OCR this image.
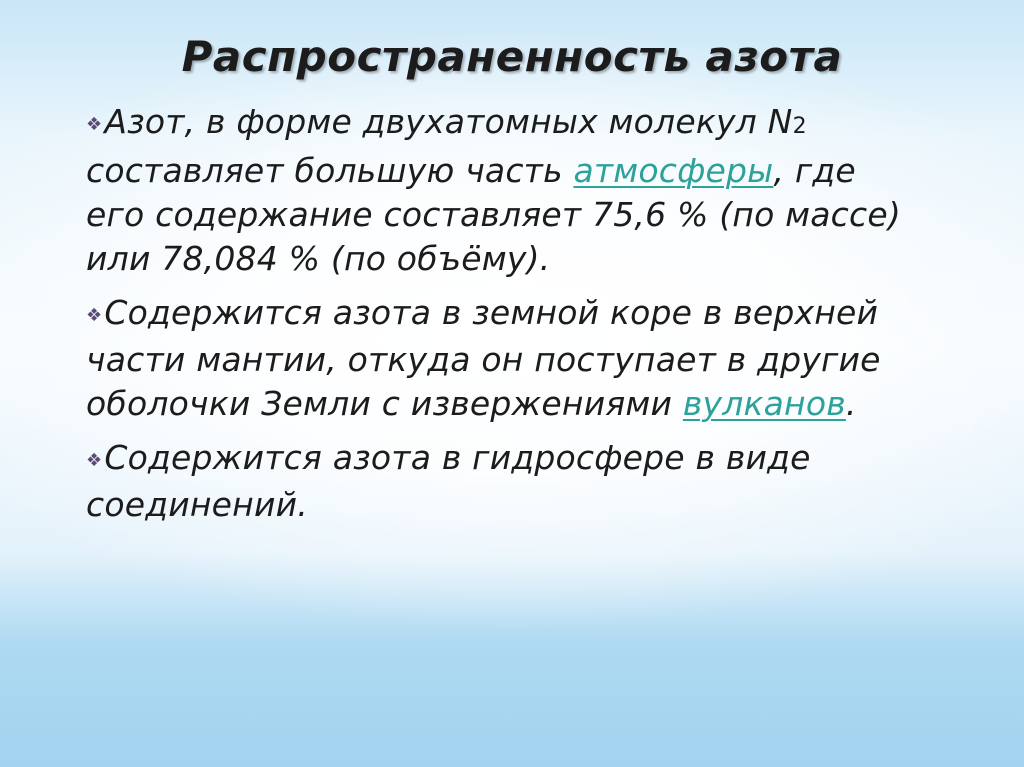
Распространенность азота
❖Азот, в форме двухатомных молекул N2 составляет большую часть атмосферы, где его содержание составляет 75,6 % (по массе) или 78,084 % (по объёму).
❖Содержится азота в земной коре в верхней части мантии, откуда он поступает в другие оболочки Земли с извержениями вулканов.
❖Содержится азота в гидросфере в виде соединений.
